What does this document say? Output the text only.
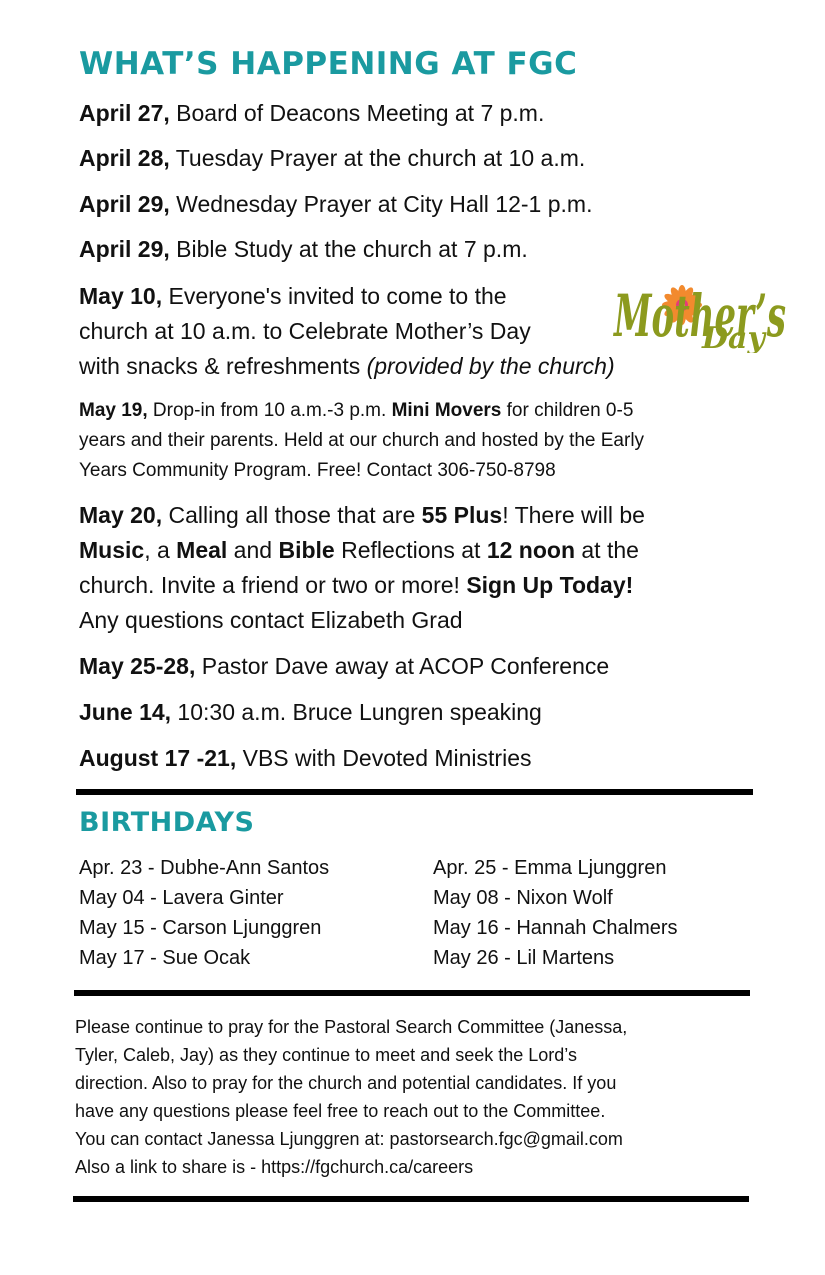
WHAT’S HAPPENING AT FGC

April 27, Board of Deacons Meeting at 7 p.m.

April 28, Tuesday Prayer at the church at 10 a.m.

April 29, Wednesday Prayer at City Hall 12-1 p.m.

April 29, Bible Study at the church at 7 p.m.

May 10, Everyone's invited to come to the
church at 10 a.m. to Celebrate Mother’s Day
with snacks & refreshments (provided by the church)

Mother’s
Day

May 19, Drop-in from 10 a.m.-3 p.m. Mini Movers for children 0-5
years and their parents. Held at our church and hosted by the Early
Years Community Program. Free! Contact 306-750-8798

May 20, Calling all those that are 55 Plus! There will be
Music, a Meal and Bible Reflections at 12 noon at the
church. Invite a friend or two or more! Sign Up Today!
Any questions contact Elizabeth Grad

May 25-28, Pastor Dave away at ACOP Conference

June 14, 10:30 a.m. Bruce Lungren speaking

August 17 -21, VBS with Devoted Ministries

BIRTHDAYS
Apr. 23 - Dubhe-Ann Santos
May 04 - Lavera Ginter
May 15 - Carson Ljunggren
May 17 - Sue Ocak
Apr. 25 - Emma Ljunggren
May 08 - Nixon Wolf
May 16 - Hannah Chalmers
May 26 - Lil Martens

Please continue to pray for the Pastoral Search Committee (Janessa,
Tyler, Caleb, Jay) as they continue to meet and seek the Lord’s
direction. Also to pray for the church and potential candidates. If you
have any questions please feel free to reach out to the Committee.
You can contact Janessa Ljunggren at: pastorsearch.fgc@gmail.com
Also a link to share is - https://fgchurch.ca/careers
